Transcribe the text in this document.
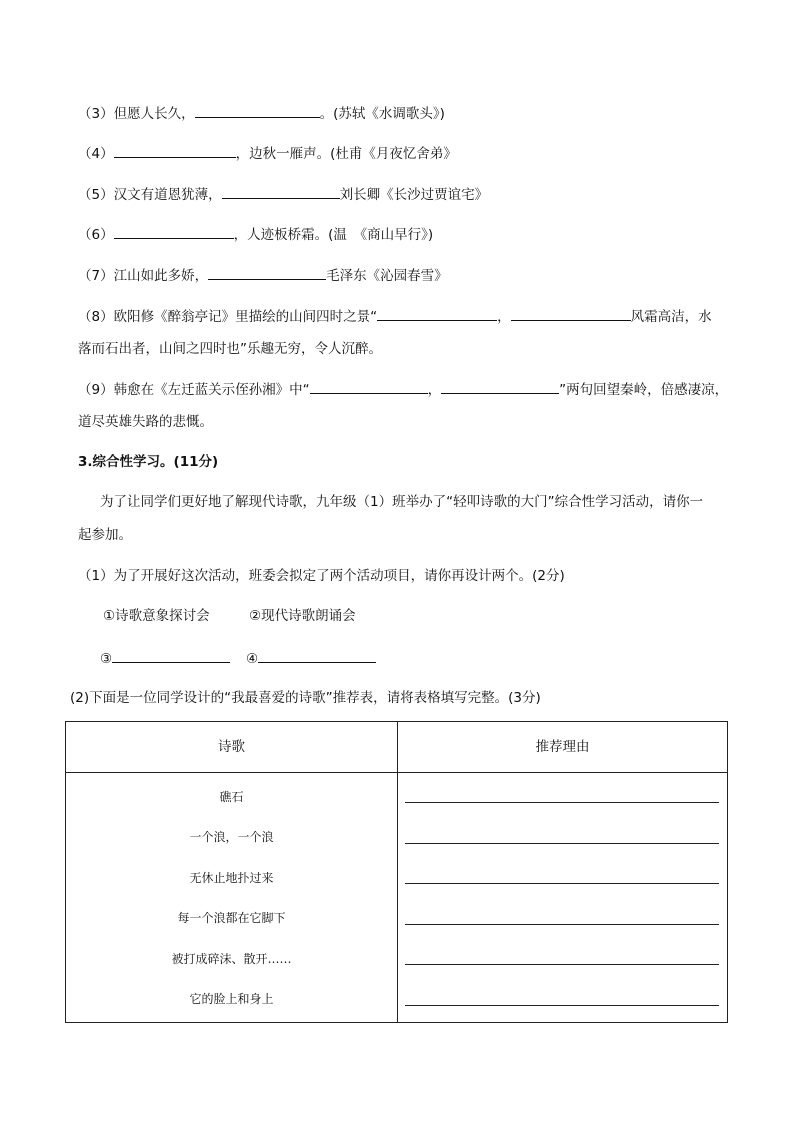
（3）但愿人长久，	。(苏轼《水调歌头》)
（4）	，边秋一雁声。(杜甫《月夜忆舍弟》
（5）汉文有道恩犹薄，	刘长卿《长沙过贾谊宅》
（6）	，人迹板桥霜。(温　《商山早行》)
（7）江山如此多娇，	毛泽东《沁园春雪》
（8）欧阳修《醉翁亭记》里描绘的山间四时之景“	，	风霜高洁，水
落而石出者，山间之四时也”乐趣无穷，令人沉醉。
（9）韩愈在《左迁蓝关示侄孙湘》中“	，	”两句回望秦岭，倍感凄凉，
道尽英雄失路的悲慨。
3.综合性学习。(11分)
为了让同学们更好地了解现代诗歌，九年级（1）班举办了“轻叩诗歌的大门”综合性学习活动，请你一
起参加。
（1）为了开展好这次活动，班委会拟定了两个活动项目，请你再设计两个。(2分)
①诗歌意象探讨会	②现代诗歌朗诵会
③	④
(2)下面是一位同学设计的“我最喜爱的诗歌”推荐表，请将表格填写完整。(3分)
诗歌	推荐理由
礁石
一个浪，一个浪
无休止地扑过来
每一个浪都在它脚下
被打成碎沫、散开……
它的脸上和身上
